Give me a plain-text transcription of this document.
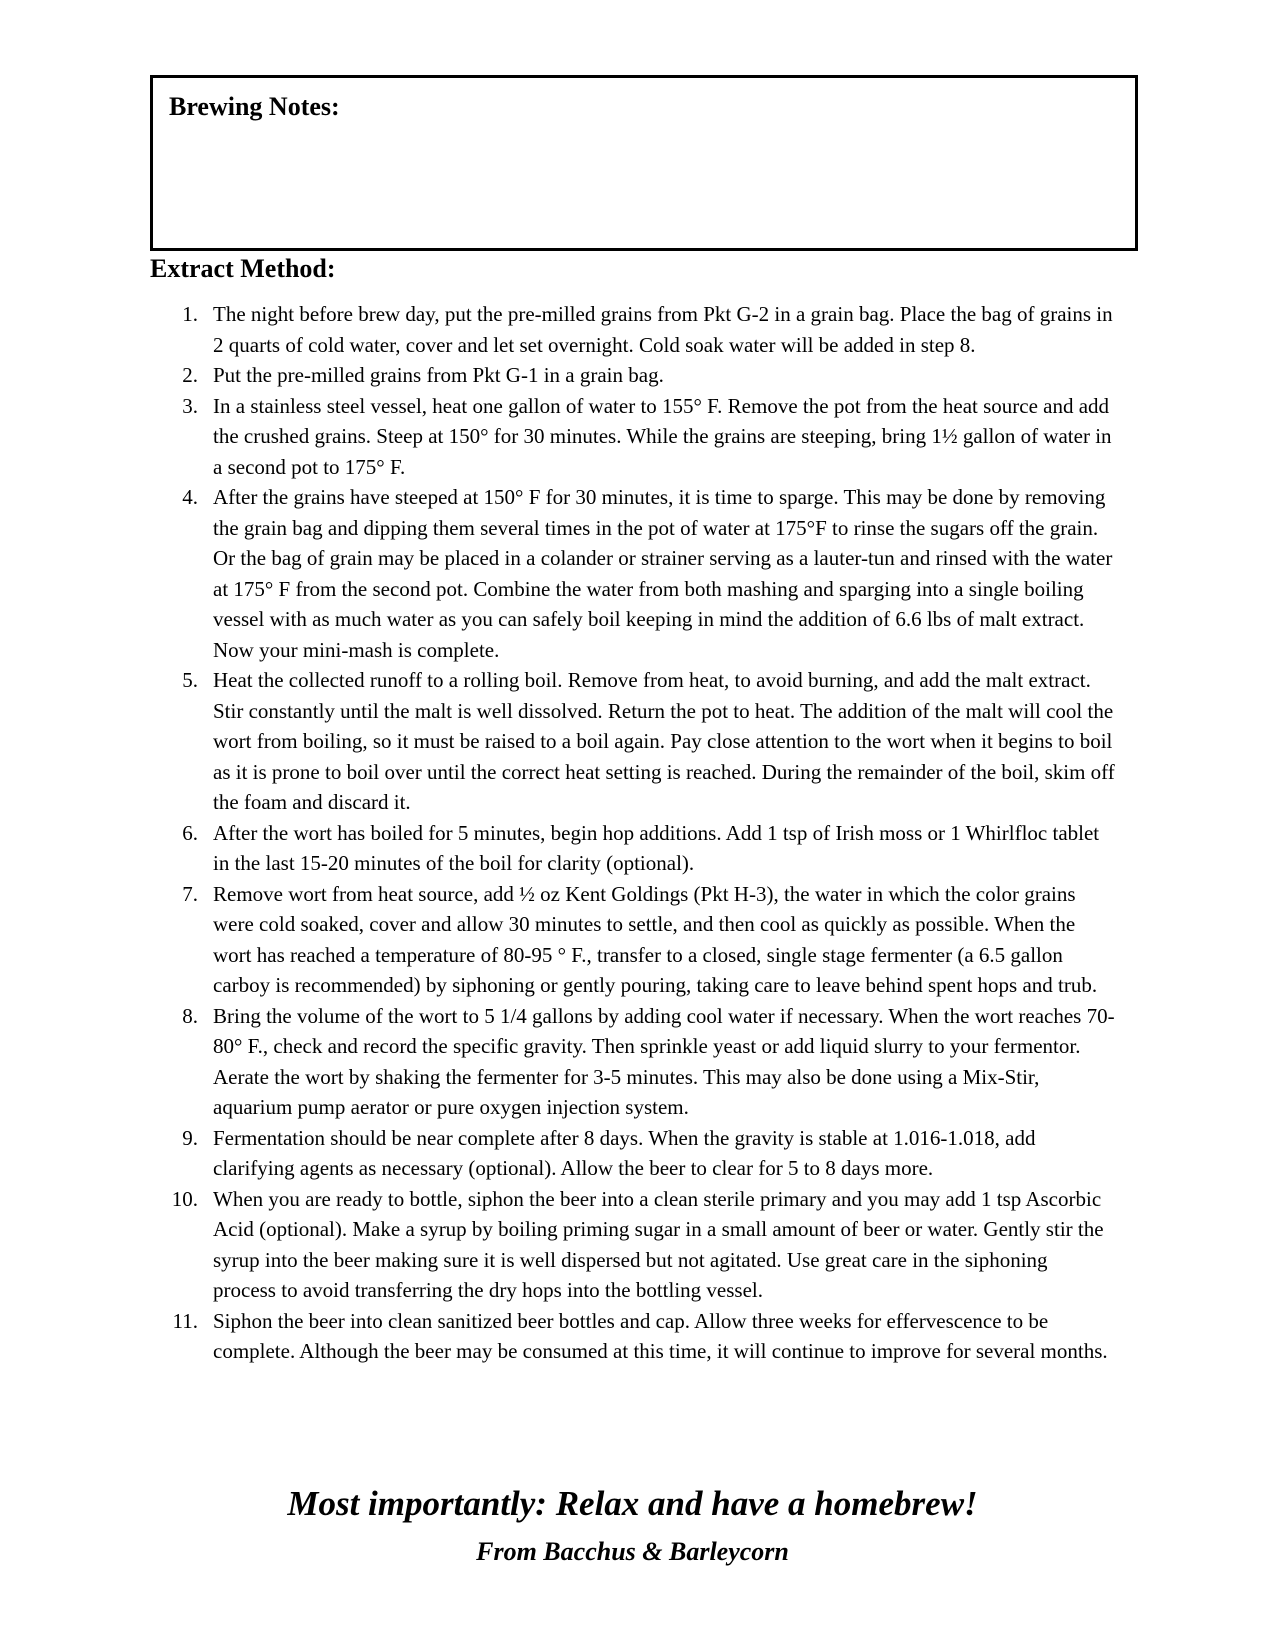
Brewing Notes:
Extract Method:
1. The night before brew day, put the pre-milled grains from Pkt G-2 in a grain bag. Place the bag of grains in 2 quarts of cold water, cover and let set overnight. Cold soak water will be added in step 8.
2. Put the pre-milled grains from Pkt G-1 in a grain bag.
3. In a stainless steel vessel, heat one gallon of water to 155° F. Remove the pot from the heat source and add the crushed grains. Steep at 150° for 30 minutes. While the grains are steeping, bring 1½ gallon of water in a second pot to 175° F.
4. After the grains have steeped at 150° F for 30 minutes, it is time to sparge. This may be done by removing the grain bag and dipping them several times in the pot of water at 175°F to rinse the sugars off the grain. Or the bag of grain may be placed in a colander or strainer serving as a lauter-tun and rinsed with the water at 175° F from the second pot. Combine the water from both mashing and sparging into a single boiling vessel with as much water as you can safely boil keeping in mind the addition of 6.6 lbs of malt extract.    Now your mini-mash is complete.
5. Heat the collected runoff to a rolling boil. Remove from heat, to avoid burning, and add the malt extract. Stir constantly until the malt is well dissolved. Return the pot to heat. The addition of the malt will cool the wort from boiling, so it must be raised to a boil again. Pay close attention to the wort when it begins to boil as it is prone to boil over until the correct heat setting is reached. During the remainder of the boil, skim off the foam and discard it.
6. After the wort has boiled for 5 minutes, begin hop additions. Add 1 tsp of Irish moss or 1 Whirlfloc tablet in the last 15-20 minutes of the boil for clarity (optional).
7. Remove wort from heat source, add ½ oz Kent Goldings (Pkt H-3), the water in which the color grains were cold soaked, cover and allow 30 minutes to settle, and then cool as quickly as possible. When the wort has reached a temperature of 80-95 ° F., transfer to a closed, single stage fermenter (a 6.5 gallon carboy is recommended) by siphoning or gently pouring, taking care to leave behind spent hops and trub.
8. Bring the volume of the wort to 5 1/4 gallons by adding cool water if necessary. When the wort reaches 70-80° F., check and record the specific gravity. Then sprinkle yeast or add liquid slurry to your fermentor. Aerate the wort by shaking the fermenter for 3-5 minutes. This may also be done using a Mix-Stir, aquarium pump aerator or pure oxygen injection system.
9. Fermentation should be near complete after 8 days. When the gravity is stable at 1.016-1.018, add clarifying agents as necessary (optional). Allow the beer to clear for 5 to 8 days more.
10. When you are ready to bottle, siphon the beer into a clean sterile primary and you may add 1 tsp Ascorbic Acid (optional). Make a syrup by boiling priming sugar in a small amount of beer or water. Gently stir the syrup into the beer making sure it is well dispersed but not agitated. Use great care in the siphoning process to avoid transferring the dry hops into the bottling vessel.
11. Siphon the beer into clean sanitized beer bottles and cap. Allow three weeks for effervescence to be complete. Although the beer may be consumed at this time, it will continue to improve for several months.
Most importantly: Relax and have a homebrew!
From Bacchus & Barleycorn
